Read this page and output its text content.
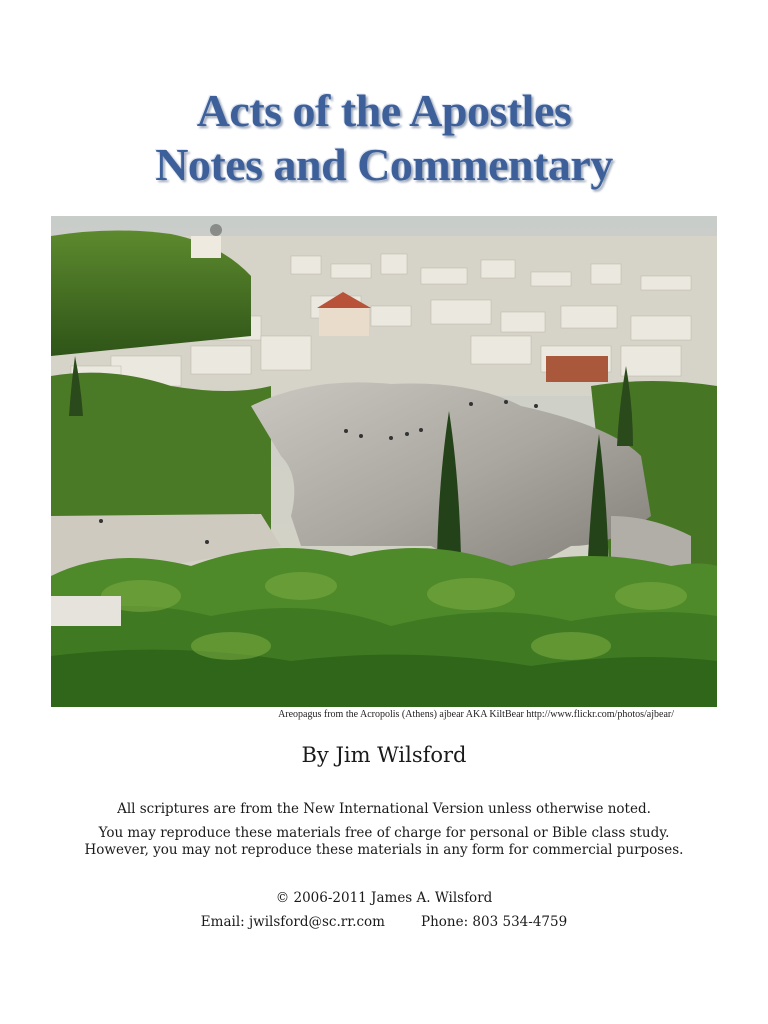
Acts of the Apostles
Notes and Commentary
Areopagus from the Acropolis (Athens) ajbear AKA KiltBear http://www.flickr.com/photos/ajbear/
By Jim Wilsford
All scriptures are from the New International Version unless otherwise noted.
You may reproduce these materials free of charge for personal or Bible class study.
However, you may not reproduce these materials in any form for commercial purposes.
© 2006-2011 James A. Wilsford
Email: jwilsford@sc.rr.com	Phone: 803 534-4759
